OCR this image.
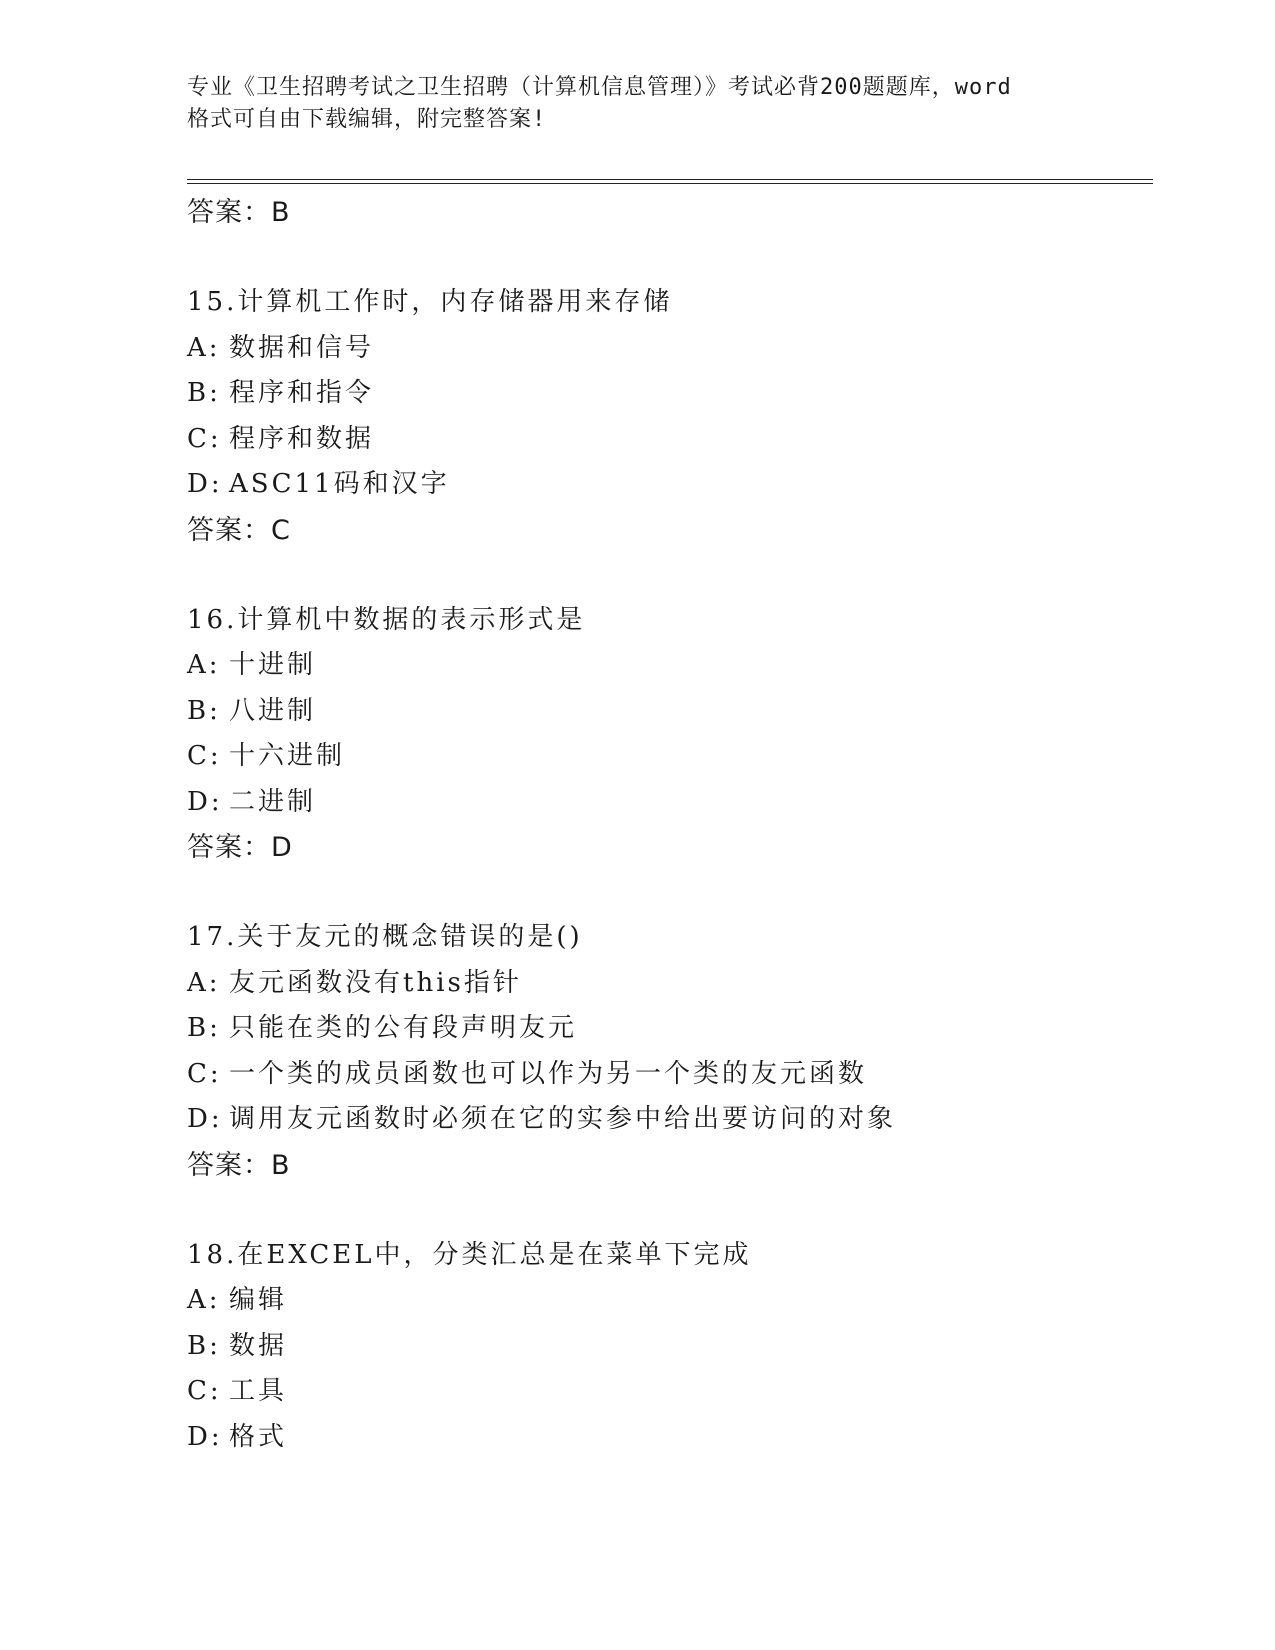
专业《卫生招聘考试之卫生招聘（计算机信息管理）》考试必背200题题库，word
格式可自由下载编辑，附完整答案!
答案：B
15.计算机工作时，内存储器用来存储
A: 数据和信号
B: 程序和指令
C: 程序和数据
D: ASC11码和汉字
答案：C
16.计算机中数据的表示形式是
A: 十进制
B: 八进制
C: 十六进制
D: 二进制
答案：D
17.关于友元的概念错误的是()
A: 友元函数没有this指针
B: 只能在类的公有段声明友元
C: 一个类的成员函数也可以作为另一个类的友元函数
D: 调用友元函数时必须在它的实参中给出要访问的对象
答案：B
18.在EXCEL中，分类汇总是在菜单下完成
A: 编辑
B: 数据
C: 工具
D: 格式
